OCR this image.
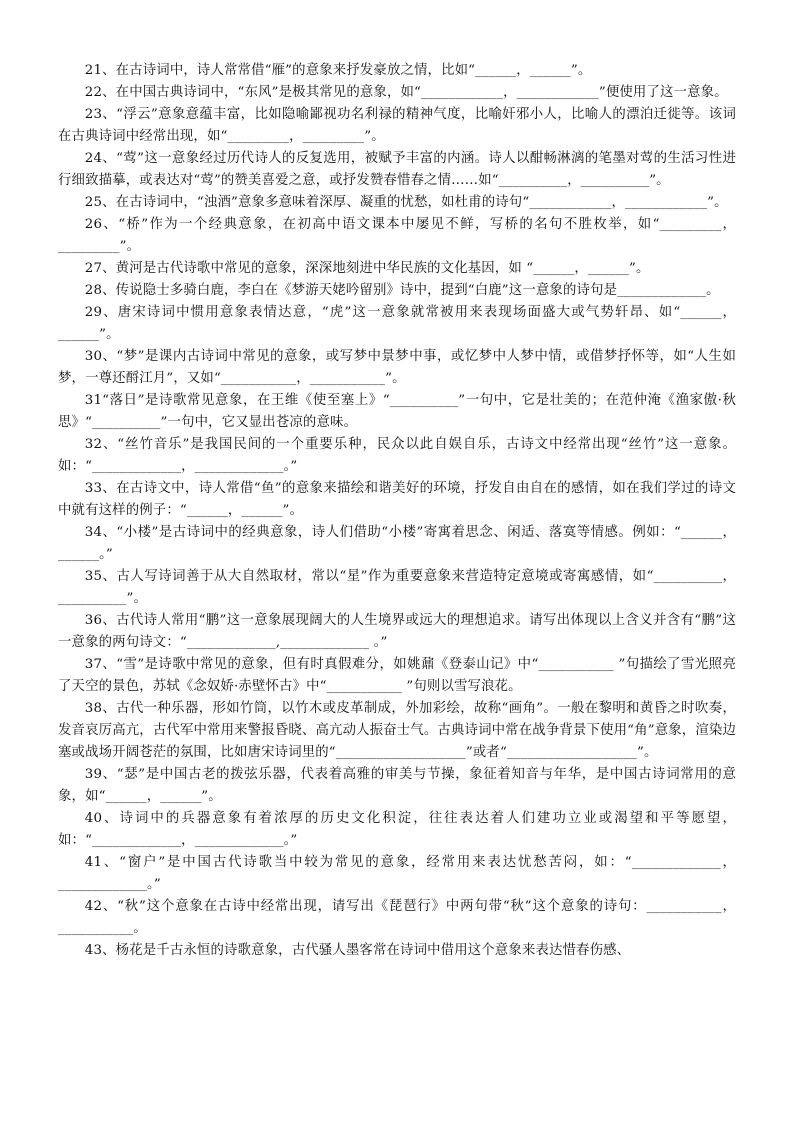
21、在古诗词中，诗人常常借“雁”的意象来抒发豪放之情，比如“______，______”。

22、在中国古典诗词中，“东风”是极其常见的意象，如“____________，____________”便使用了这一意象。

23、“浮云”意象意蕴丰富，比如隐喻鄙视功名利禄的精神气度，比喻奸邪小人，比喻人的漂泊迁徙等。该词在古典诗词中经常出现，如“_________，_________”。

24、“莺”这一意象经过历代诗人的反复选用，被赋予丰富的内涵。诗人以酣畅淋漓的笔墨对莺的生活习性进行细致描摹，或表达对“莺”的赞美喜爱之意，或抒发赞春惜春之情……如“__________，__________”。

25、在古诗词中，“浊酒”意象多意味着深厚、凝重的忧愁，如杜甫的诗句“____________，____________”。

26、“桥”作为一个经典意象，在初高中语文课本中屡见不鲜，写桥的名句不胜枚举，如“_________，_________”。

27、黄河是古代诗歌中常见的意象，深深地刻进中华民族的文化基因，如 “______，______”。

28、传说隐士多骑白鹿，李白在《梦游天姥吟留别》诗中，提到“白鹿”这一意象的诗句是_____________。

29、唐宋诗词中惯用意象表情达意，“虎”这一意象就常被用来表现场面盛大或气势轩昂、如“______，______”。

30、“梦”是课内古诗词中常见的意象，或写梦中景梦中事，或忆梦中人梦中情，或借梦抒怀等，如“人生如梦，一尊还酹江月”，又如“___________，___________”。

31“落日”是诗歌常见意象，在王维《使至塞上》“__________”一句中，它是壮美的；在范仲淹《渔家傲·秋思》“__________”一句中，它又显出苍凉的意味。

32、“丝竹音乐”是我国民间的一个重要乐种，民众以此自娱自乐，古诗文中经常出现“丝竹”这一意象。如：“_____________，_____________。”

33、在古诗文中，诗人常借“鱼”的意象来描绘和谐美好的环境，抒发自由自在的感情，如在我们学过的诗文中就有这样的例子：“______，______”。

34、“小楼”是古诗词中的经典意象，诗人们借助“小楼”寄寓着思念、闲适、落寞等情感。例如：“______，______。”

35、古人写诗词善于从大自然取材，常以“星”作为重要意象来营造特定意境或寄寓感情，如“__________，__________”。

36、古代诗人常用“鹏”这一意象展现阔大的人生境界或远大的理想追求。请写出体现以上含义并含有“鹏”这一意象的两句诗文：“_____________,_____________ 。”

37、“雪”是诗歌中常见的意象，但有时真假难分，如姚鼐《登泰山记》中“___________ ”句描绘了雪光照亮了天空的景色，苏轼《念奴娇·赤壁怀古》中“___________ ”句则以雪写浪花。

38、古代一种乐器，形如竹筒，以竹木或皮革制成，外加彩绘，故称“画角”。一般在黎明和黄昏之时吹奏，发音哀厉高亢，古代军中常用来警报昏晓、高亢动人振奋士气。古典诗词中常在战争背景下使用“角”意象，渲染边塞或战场开阔苍茫的氛围，比如唐宋诗词里的“___________________”或者“___________________”。

39、“瑟”是中国古老的拨弦乐器，代表着高雅的审美与节操，象征着知音与年华，是中国古诗词常用的意象，如“______，______”。

40、诗词中的兵器意象有着浓厚的历史文化积淀，往往表达着人们建功立业或渴望和平等愿望，如：“_____________，_____________。”

41、“窗户”是中国古代诗歌当中较为常见的意象，经常用来表达忧愁苦闷，如：“_____________，_____________。”

42、“秋”这个意象在古诗中经常出现，请写出《琵琶行》中两句带“秋”这个意象的诗句：___________，___________。

43、杨花是千古永恒的诗歌意象，古代骚人墨客常在诗词中借用这个意象来表达惜春伤感、
